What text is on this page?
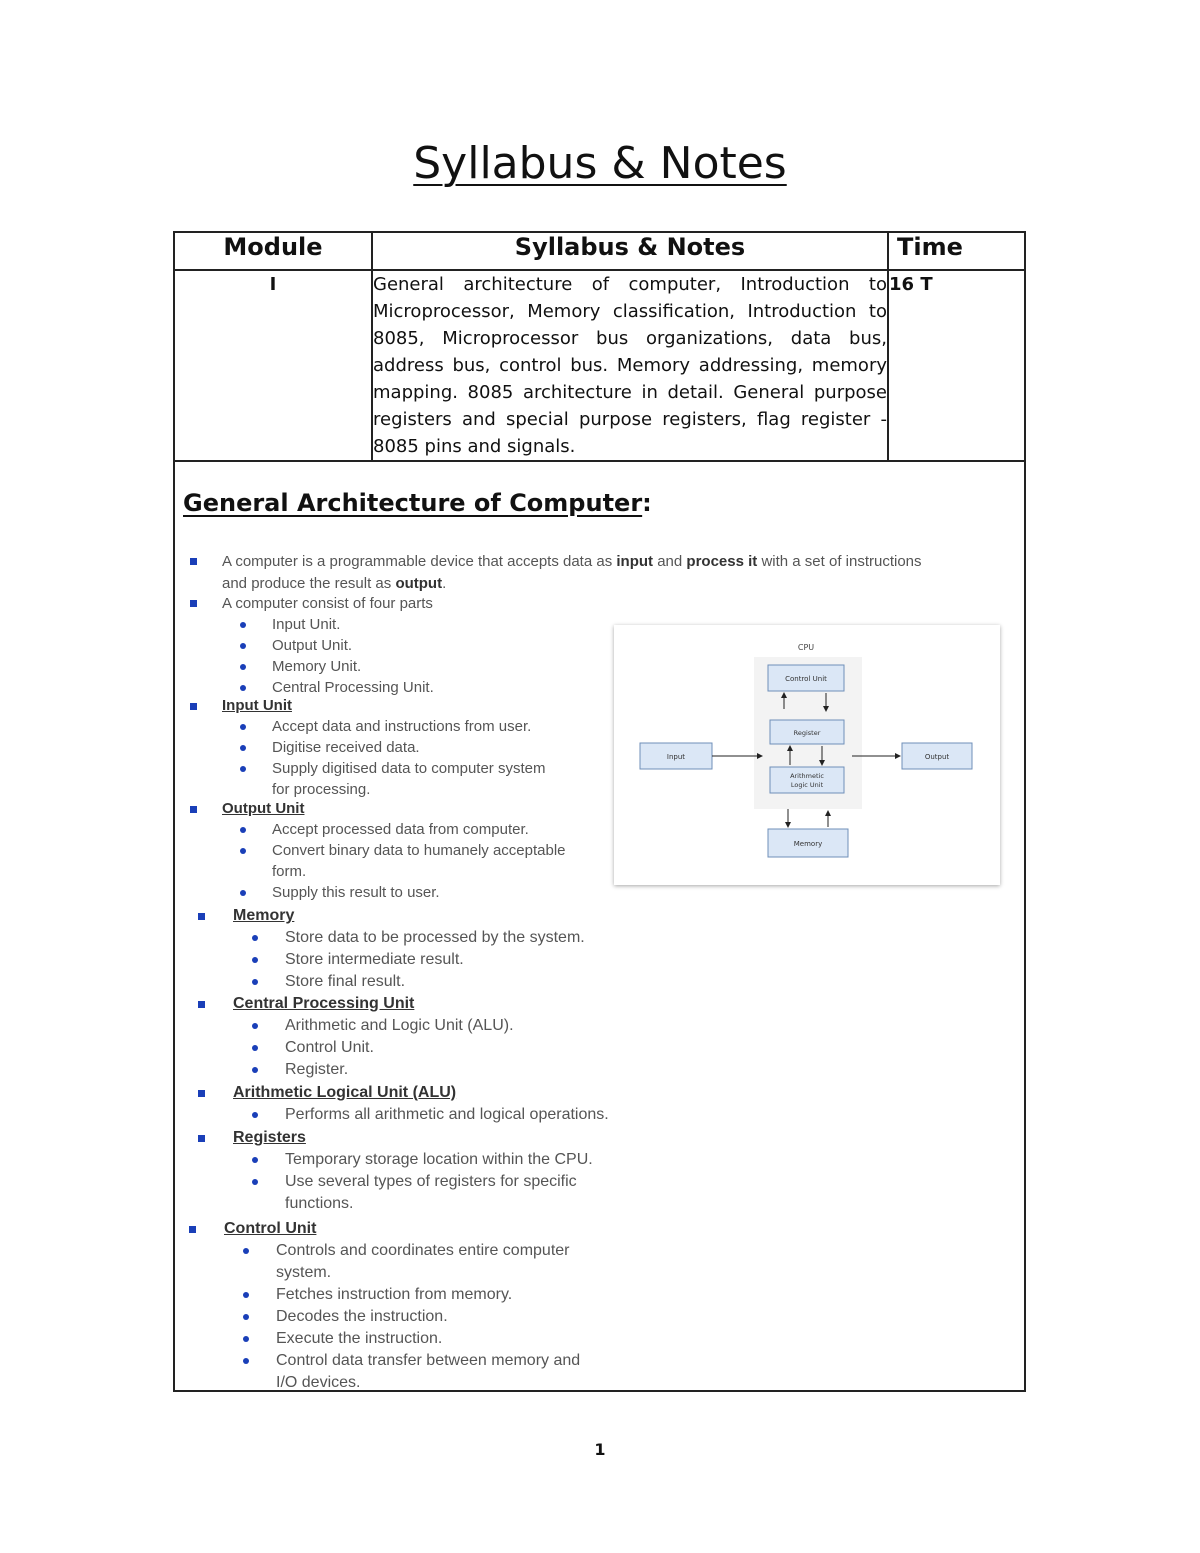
Syllabus & Notes
Module	Syllabus & Notes	Time
I	General architecture of computer, Introduction to Microprocessor, Memory classification, Introduction to 8085, Microprocessor bus organizations, data bus, address bus, control bus. Memory addressing, memory mapping. 8085 architecture in detail. General purpose registers and special purpose registers, flag register - 8085 pins and signals.	16 T
General Architecture of Computer:
A computer is a programmable device that accepts data as input and process it with a set of instructions
and produce the result as output.
A computer consist of four parts
Input Unit.
Output Unit.
Memory Unit.
Central Processing Unit.
Input Unit
Accept data and instructions from user.
Digitise received data.
Supply digitised data to computer system
for processing.
Output Unit
Accept processed data from computer.
Convert binary data to humanely acceptable
form.
Supply this result to user.
Memory
Store data to be processed by the system.
Store intermediate result.
Store final result.
Central Processing Unit
Arithmetic and Logic Unit (ALU).
Control Unit.
Register.
Arithmetic Logical Unit (ALU)
Performs all arithmetic and logical operations.
Registers
Temporary storage location within the CPU.
Use several types of registers for specific
functions.
Control Unit
Controls and coordinates entire computer
system.
Fetches instruction from memory.
Decodes the instruction.
Execute the instruction.
Control data transfer between memory and
I/O devices.
CPU
Control Unit
Register
Arithmetic
Logic Unit
Input	Output
Memory
1
